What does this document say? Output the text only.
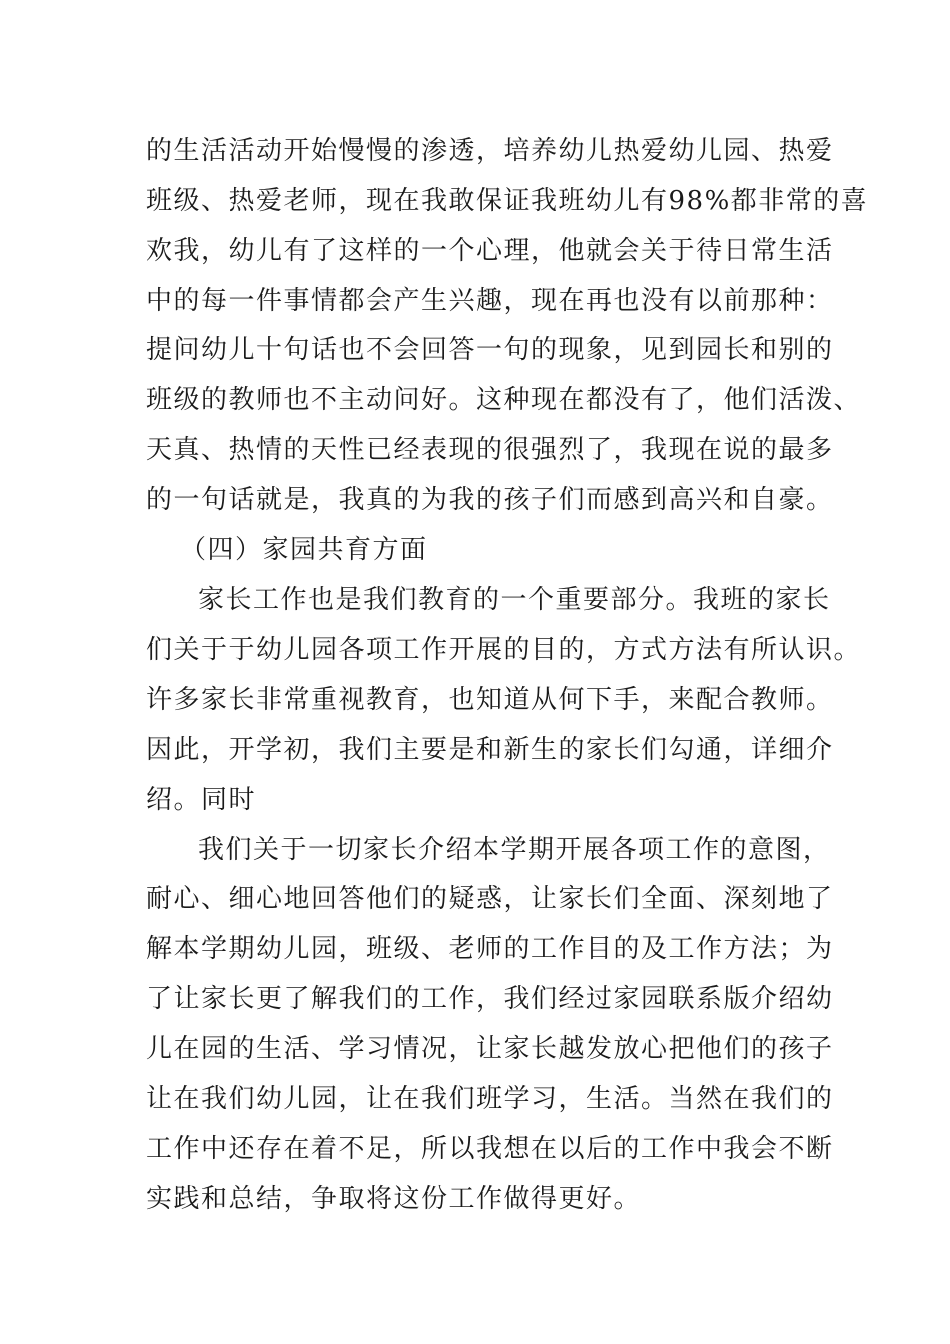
的生活活动开始慢慢的渗透，培养幼儿热爱幼儿园、热爱
班级、热爱老师，现在我敢保证我班幼儿有98%都非常的喜
欢我，幼儿有了这样的一个心理，他就会关于待日常生活
中的每一件事情都会产生兴趣，现在再也没有以前那种：
提问幼儿十句话也不会回答一句的现象，见到园长和别的
班级的教师也不主动问好。这种现在都没有了，他们活泼、
天真、热情的天性已经表现的很强烈了，我现在说的最多
的一句话就是，我真的为我的孩子们而感到高兴和自豪。
（四）家园共育方面
家长工作也是我们教育的一个重要部分。我班的家长
们关于于幼儿园各项工作开展的目的，方式方法有所认识。
许多家长非常重视教育，也知道从何下手，来配合教师。
因此，开学初，我们主要是和新生的家长们勾通，详细介
绍。同时
我们关于一切家长介绍本学期开展各项工作的意图，
耐心、细心地回答他们的疑惑，让家长们全面、深刻地了
解本学期幼儿园，班级、老师的工作目的及工作方法；为
了让家长更了解我们的工作，我们经过家园联系版介绍幼
儿在园的生活、学习情况，让家长越发放心把他们的孩子
让在我们幼儿园，让在我们班学习，生活。当然在我们的
工作中还存在着不足，所以我想在以后的工作中我会不断
实践和总结，争取将这份工作做得更好。
